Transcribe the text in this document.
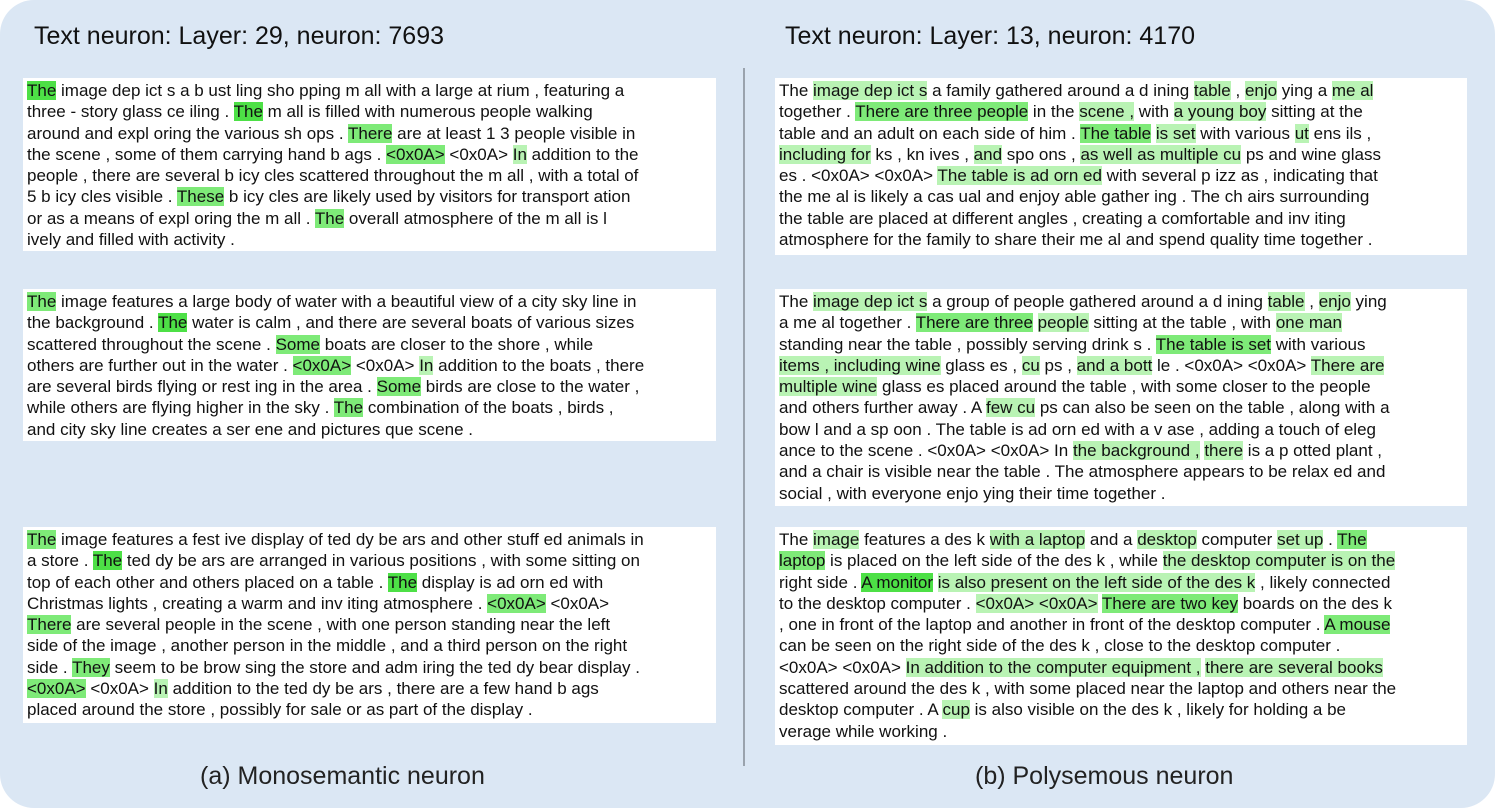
Text neuron: Layer: 29, neuron: 7693	Text neuron: Layer: 13, neuron: 4170
The image dep ict s a b ust ling sho pping m all with a large at rium , featuring a
three - story glass ce iling . The m all is filled with numerous people walking
around and expl oring the various sh ops . There are at least 1 3 people visible in
the scene , some of them carrying hand b ags . <0x0A> <0x0A> In addition to the
people , there are several b icy cles scattered throughout the m all , with a total of
5 b icy cles visible . These b icy cles are likely used by visitors for transport ation
or as a means of expl oring the m all . The overall atmosphere of the m all is l
ively and filled with activity .
The image features a large body of water with a beautiful view of a city sky line in
the background . The water is calm , and there are several boats of various sizes
scattered throughout the scene . Some boats are closer to the shore , while
others are further out in the water . <0x0A> <0x0A> In addition to the boats , there
are several birds flying or rest ing in the area . Some birds are close to the water ,
while others are flying higher in the sky . The combination of the boats , birds ,
and city sky line creates a ser ene and pictures que scene .
The image features a fest ive display of ted dy be ars and other stuff ed animals in
a store . The ted dy be ars are arranged in various positions , with some sitting on
top of each other and others placed on a table . The display is ad orn ed with
Christmas lights , creating a warm and inv iting atmosphere . <0x0A> <0x0A>
There are several people in the scene , with one person standing near the left
side of the image , another person in the middle , and a third person on the right
side . They seem to be brow sing the store and adm iring the ted dy bear display .
<0x0A> <0x0A> In addition to the ted dy be ars , there are a few hand b ags
placed around the store , possibly for sale or as part of the display .
The image dep ict s a family gathered around a d ining table , enjo ying a me al
together . There are three people in the scene , with a young boy sitting at the
table and an adult on each side of him . The table is set with various ut ens ils ,
including for ks , kn ives , and spo ons , as well as multiple cu ps and wine glass
es . <0x0A> <0x0A> The table is ad orn ed with several p izz as , indicating that
the me al is likely a cas ual and enjoy able gather ing . The ch airs surrounding
the table are placed at different angles , creating a comfortable and inv iting
atmosphere for the family to share their me al and spend quality time together .
The image dep ict s a group of people gathered around a d ining table , enjo ying
a me al together . There are three people sitting at the table , with one man
standing near the table , possibly serving drink s . The table is set with various
items , including wine glass es , cu ps , and a bott le . <0x0A> <0x0A> There are
multiple wine glass es placed around the table , with some closer to the people
and others further away . A few cu ps can also be seen on the table , along with a
bow l and a sp oon . The table is ad orn ed with a v ase , adding a touch of eleg
ance to the scene . <0x0A> <0x0A> In the background , there is a p otted plant ,
and a chair is visible near the table . The atmosphere appears to be relax ed and
social , with everyone enjo ying their time together .
The image features a des k with a laptop and a desktop computer set up . The
laptop is placed on the left side of the des k , while the desktop computer is on the
right side . A monitor is also present on the left side of the des k , likely connected
to the desktop computer . <0x0A> <0x0A> There are two key boards on the des k
, one in front of the laptop and another in front of the desktop computer . A mouse
can be seen on the right side of the des k , close to the desktop computer .
<0x0A> <0x0A> In addition to the computer equipment , there are several books
scattered around the des k , with some placed near the laptop and others near the
desktop computer . A cup is also visible on the des k , likely for holding a be
verage while working .
(a) Monosemantic neuron	(b) Polysemous neuron
